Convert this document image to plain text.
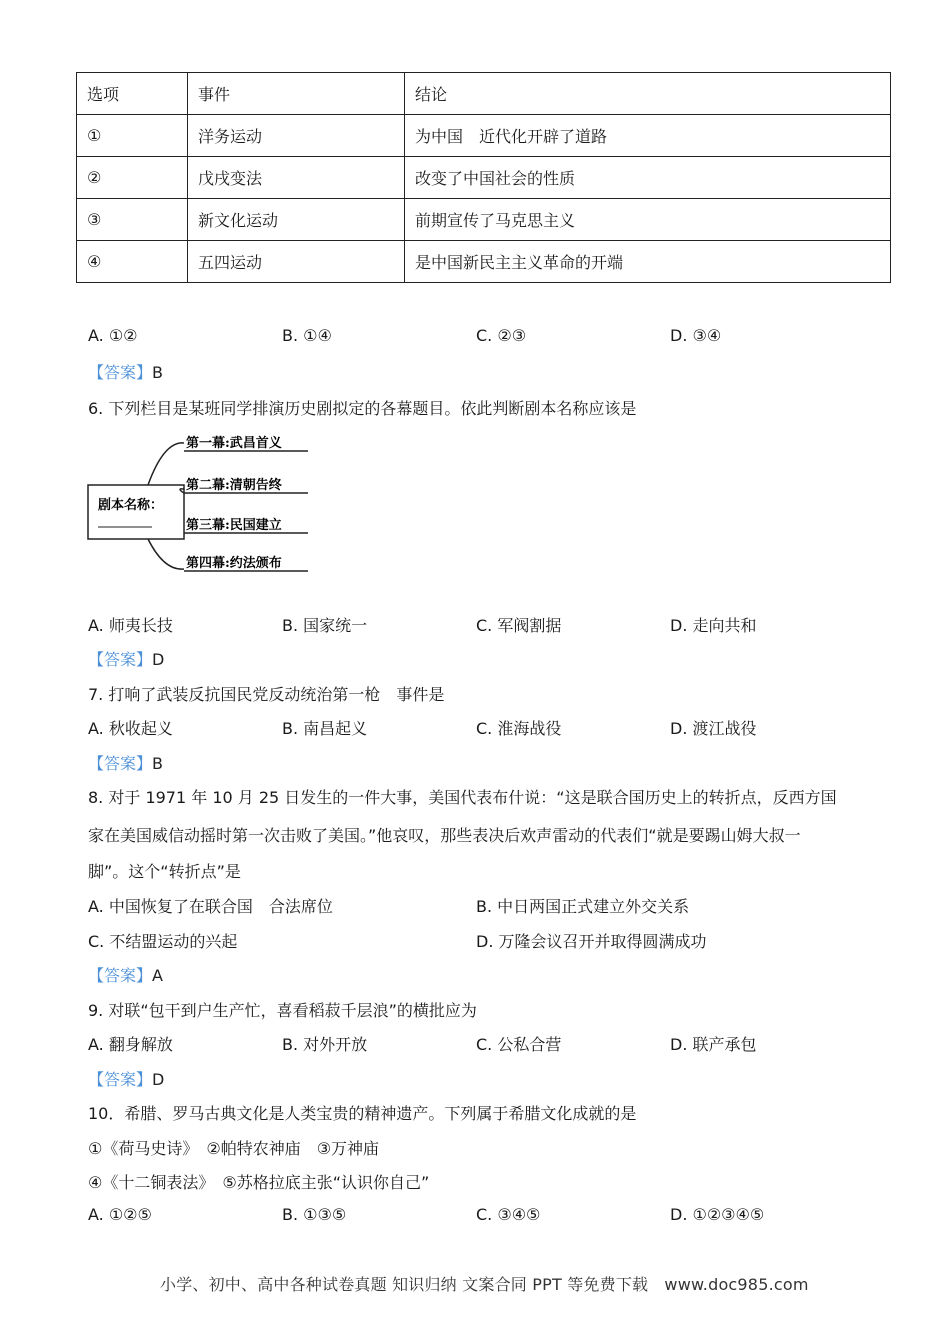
选项	事件	结论
①	洋务运动	为中国　近代化开辟了道路
②	戊戌变法	改变了中国社会的性质
③	新文化运动	前期宣传了马克思主义
④	五四运动	是中国新民主主义革命的开端
A. ①②	B. ①④	C. ②③	D. ③④
【答案】B
6. 下列栏目是某班同学排演历史剧拟定的各幕题目。依此判断剧本名称应该是
剧本名称：
第一幕:武昌首义
第二幕:清朝告终
第三幕:民国建立
第四幕:约法颁布
A. 师夷长技	B. 国家统一	C. 军阀割据	D. 走向共和
【答案】D
7. 打响了武装反抗国民党反动统治第一枪　事件是
A. 秋收起义	B. 南昌起义	C. 淮海战役	D. 渡江战役
【答案】B
8. 对于 1971 年 10 月 25 日发生的一件大事，美国代表布什说：“这是联合国历史上的转折点，反西方国
家在美国威信动摇时第一次击败了美国。”他哀叹，那些表决后欢声雷动的代表们“就是要踢山姆大叔一
脚”。这个“转折点”是
A. 中国恢复了在联合国　合法席位	B. 中日两国正式建立外交关系
C. 不结盟运动的兴起	D. 万隆会议召开并取得圆满成功
【答案】A
9. 对联“包干到户生产忙，喜看稻菽千层浪”的横批应为
A. 翻身解放	B. 对外开放	C. 公私合营	D. 联产承包
【答案】D
10．希腊、罗马古典文化是人类宝贵的精神遗产。下列属于希腊文化成就的是
①《荷马史诗》　②帕特农神庙　③万神庙
④《十二铜表法》　⑤苏格拉底主张“认识你自己”
A. ①②⑤	B. ①③⑤	C. ③④⑤	D. ①②③④⑤
小学、初中、高中各种试卷真题 知识归纳 文案合同 PPT 等免费下载　www.doc985.com
